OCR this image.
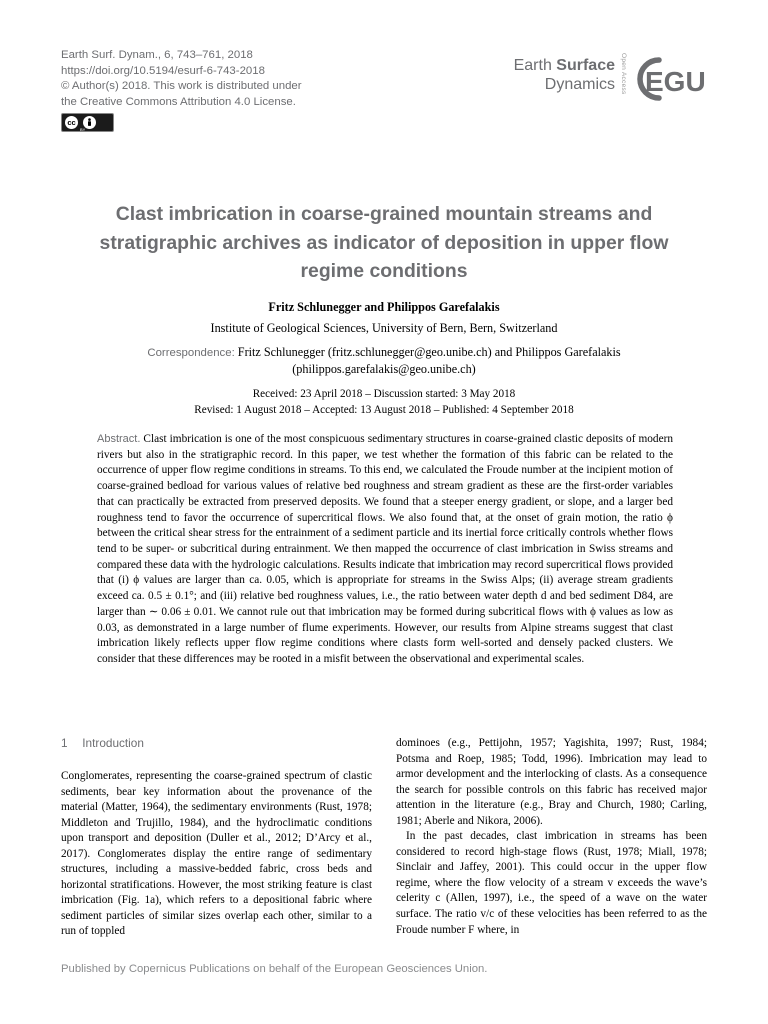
Earth Surf. Dynam., 6, 743–761, 2018
https://doi.org/10.5194/esurf-6-743-2018
© Author(s) 2018. This work is distributed under
the Creative Commons Attribution 4.0 License.
cc
BY
Earth Surface
Dynamics Open Access EGU
Clast imbrication in coarse-grained mountain streams and stratigraphic archives as indicator of deposition in upper flow regime conditions
Fritz Schlunegger and Philippos Garefalakis
Institute of Geological Sciences, University of Bern, Bern, Switzerland
Correspondence: Fritz Schlunegger (fritz.schlunegger@geo.unibe.ch) and Philippos Garefalakis (philippos.garefalakis@geo.unibe.ch)
Received: 23 April 2018 – Discussion started: 3 May 2018
Revised: 1 August 2018 – Accepted: 13 August 2018 – Published: 4 September 2018
Abstract. Clast imbrication is one of the most conspicuous sedimentary structures in coarse-grained clastic deposits of modern rivers but also in the stratigraphic record. In this paper, we test whether the formation of this fabric can be related to the occurrence of upper flow regime conditions in streams. To this end, we calculated the Froude number at the incipient motion of coarse-grained bedload for various values of relative bed roughness and stream gradient as these are the first-order variables that can practically be extracted from preserved deposits. We found that a steeper energy gradient, or slope, and a larger bed roughness tend to favor the occurrence of supercritical flows. We also found that, at the onset of grain motion, the ratio ϕ between the critical shear stress for the entrainment of a sediment particle and its inertial force critically controls whether flows tend to be super- or subcritical during entrainment. We then mapped the occurrence of clast imbrication in Swiss streams and compared these data with the hydrologic calculations. Results indicate that imbrication may record supercritical flows provided that (i) ϕ values are larger than ca. 0.05, which is appropriate for streams in the Swiss Alps; (ii) average stream gradients exceed ca. 0.5 ± 0.1°; and (iii) relative bed roughness values, i.e., the ratio between water depth d and bed sediment D84, are larger than ∼ 0.06 ± 0.01. We cannot rule out that imbrication may be formed during subcritical flows with ϕ values as low as 0.03, as demonstrated in a large number of flume experiments. However, our results from Alpine streams suggest that clast imbrication likely reflects upper flow regime conditions where clasts form well-sorted and densely packed clusters. We consider that these differences may be rooted in a misfit between the observational and experimental scales.
1 Introduction
Conglomerates, representing the coarse-grained spectrum of clastic sediments, bear key information about the provenance of the material (Matter, 1964), the sedimentary environments (Rust, 1978; Middleton and Trujillo, 1984), and the hydroclimatic conditions upon transport and deposition (Duller et al., 2012; D’Arcy et al., 2017). Conglomerates display the entire range of sedimentary structures, including a massive-bedded fabric, cross beds and horizontal stratifications. However, the most striking feature is clast imbrication (Fig. 1a), which refers to a depositional fabric where sediment particles of similar sizes overlap each other, similar to a run of toppled
dominoes (e.g., Pettijohn, 1957; Yagishita, 1997; Rust, 1984; Potsma and Roep, 1985; Todd, 1996). Imbrication may lead to armor development and the interlocking of clasts. As a consequence the search for possible controls on this fabric has received major attention in the literature (e.g., Bray and Church, 1980; Carling, 1981; Aberle and Nikora, 2006).
In the past decades, clast imbrication in streams has been considered to record high-stage flows (Rust, 1978; Miall, 1978; Sinclair and Jaffey, 2001). This could occur in the upper flow regime, where the flow velocity of a stream v exceeds the wave’s celerity c (Allen, 1997), i.e., the speed of a wave on the water surface. The ratio v/c of these velocities has been referred to as the Froude number F where, in
Published by Copernicus Publications on behalf of the European Geosciences Union.
